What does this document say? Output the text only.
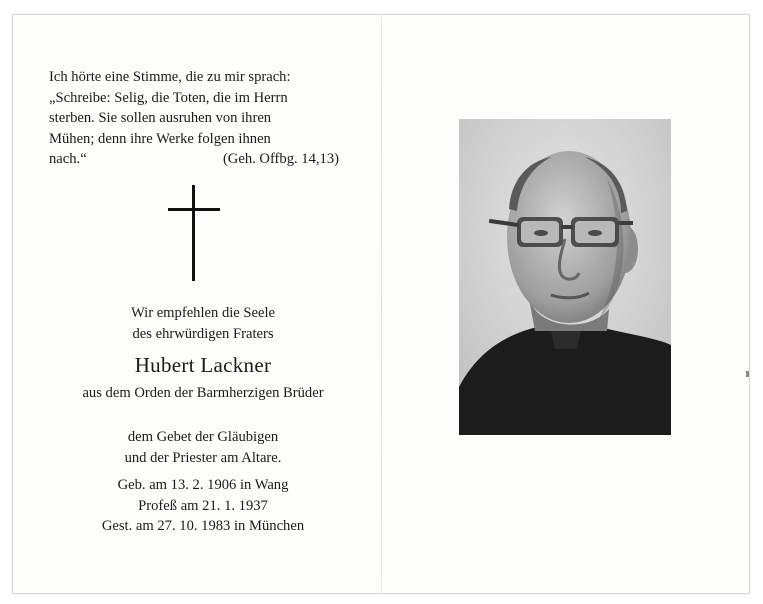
Ich hörte eine Stimme, die zu mir sprach:
„Schreibe: Selig, die Toten, die im Herrn
sterben. Sie sollen ausruhen von ihren
Mühen; denn ihre Werke folgen ihnen
nach.“	(Geh. Offbg. 14,13)
Wir empfehlen die Seele
des ehrwürdigen Fraters
Hubert Lackner
aus dem Orden der Barmherzigen Brüder
dem Gebet der Gläubigen
und der Priester am Altare.
Geb. am 13. 2. 1906 in Wang
Profeß am 21. 1. 1937
Gest. am 27. 10. 1983 in München
